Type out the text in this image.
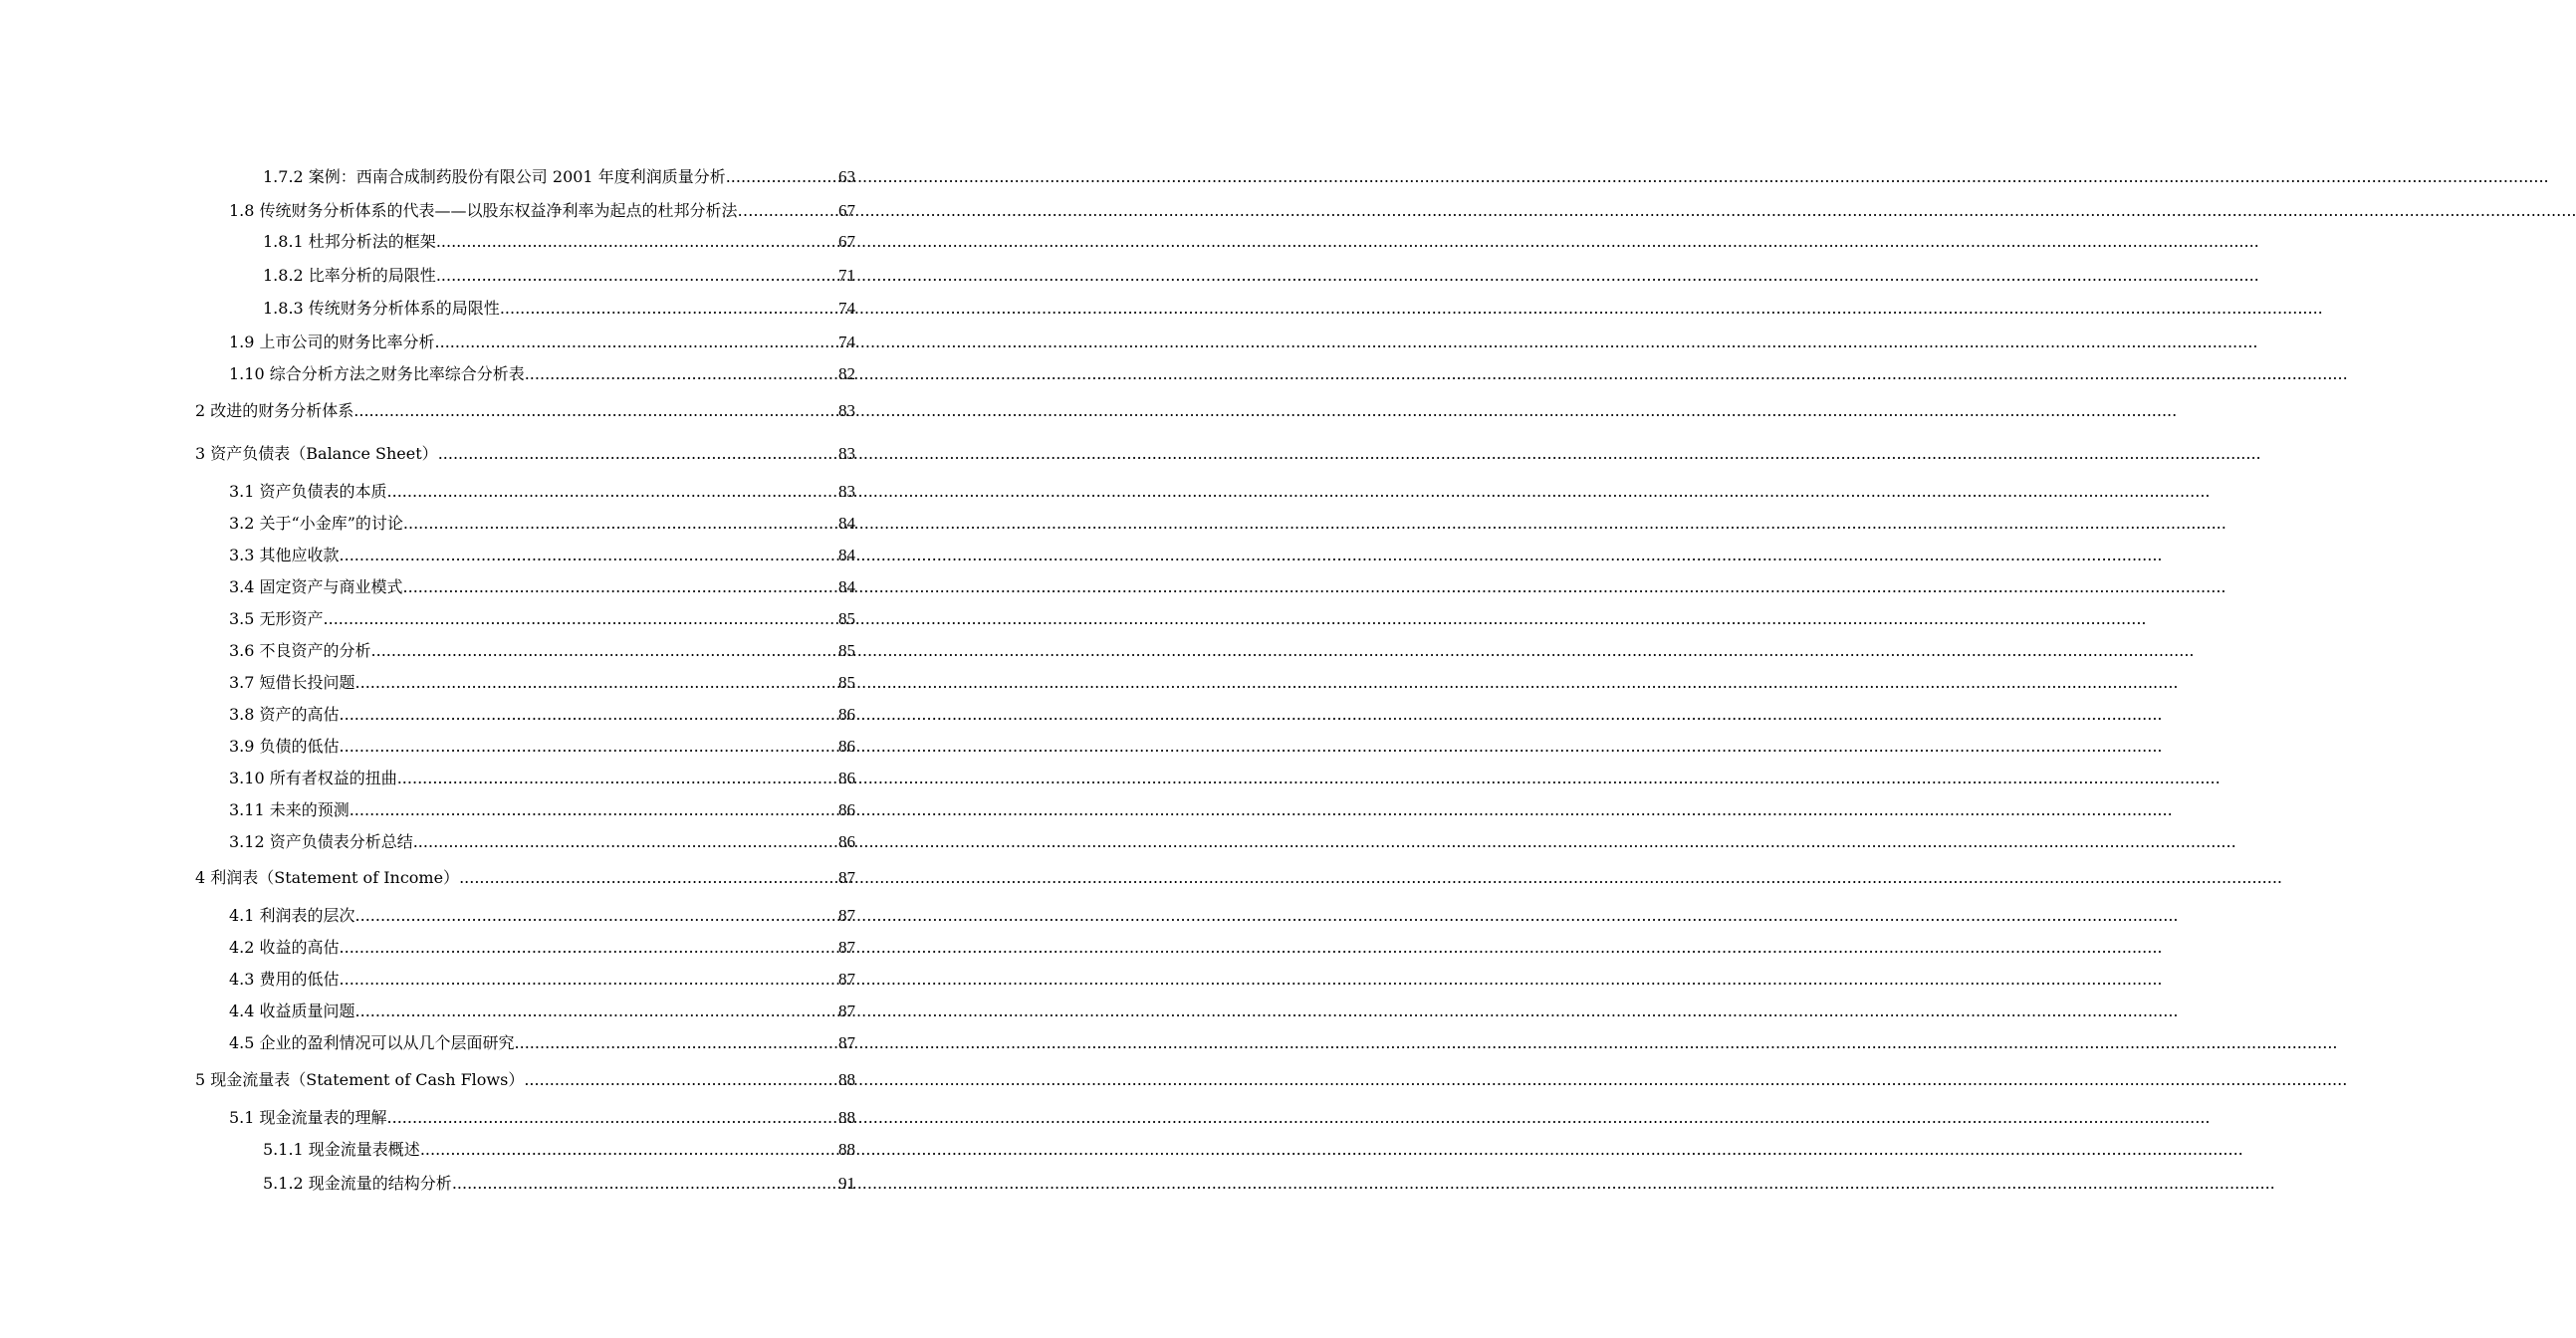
1.7.2 案例：西南合成制药股份有限公司 2001 年度利润质量分析 .....	63
1.8 传统财务分析体系的代表——以股东权益净利率为起点的杜邦分析法… .....	67
1.8.1 杜邦分析法的框架 .....	67
1.8.2 比率分析的局限性 .....	71
1.8.3 传统财务分析体系的局限性 .....	74
1.9 上市公司的财务比率分析 .....	74
1.10 综合分析方法之财务比率综合分析表 .....	82
2 改进的财务分析体系 .....	83
3 资产负债表（Balance Sheet） .....	83
3.1 资产负债表的本质 .....	83
3.2 关于“小金库”的讨论 .....	84
3.3 其他应收款 .....	84
3.4 固定资产与商业模式 .....	84
3.5 无形资产 .....	85
3.6 不良资产的分析 .....	85
3.7 短借长投问题 .....	85
3.8 资产的高估 .....	86
3.9 负债的低估 .....	86
3.10 所有者权益的扭曲 .....	86
3.11 未来的预测 .....	86
3.12 资产负债表分析总结 .....	86
4 利润表（Statement of Income） .....	87
4.1 利润表的层次 .....	87
4.2 收益的高估 .....	87
4.3 费用的低估 .....	87
4.4 收益质量问题 .....	87
4.5 企业的盈利情况可以从几个层面研究 .....	87
5 现金流量表（Statement of Cash Flows） .....	88
5.1 现金流量表的理解 .....	88
5.1.1 现金流量表概述 .....	88
5.1.2 现金流量的结构分析 .....	91
